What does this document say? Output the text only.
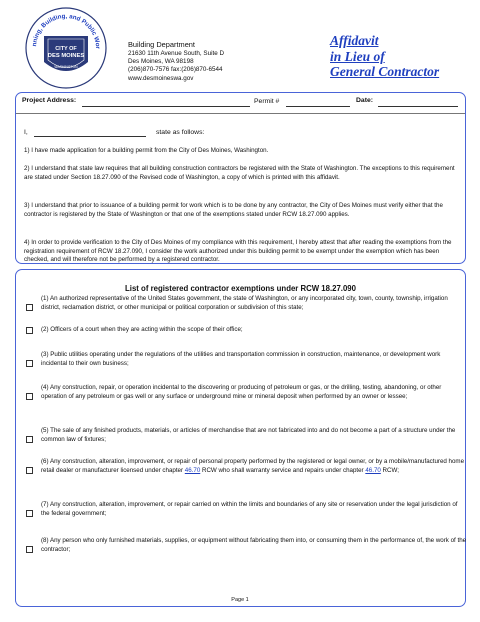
nning, Building, and Public Wor
CITY OF
DES MOINES
WASHINGTON
Building Department
21630 11th Avenue South, Suite D
Des Moines, WA 98198
(206)870-7576 fax:(206)870-6544
www.desmoineswa.gov
Affidavit
in Lieu of
General Contractor
Project Address:	Permit #	Date:
I,	state as follows:

1) I have made application for a building permit from the City of Des Moines, Washington.

2) I understand that state law requires that all building construction contractors be registered with the State of Washington. The exceptions to this requirement are stated under Section 18.27.090 of the Revised code of Washington, a copy of which is printed with this affidavit.

3) I understand that prior to issuance of a building permit for work which is to be done by any contractor, the City of Des Moines must verify either that the contractor is registered by the State of Washington or that one of the exemptions stated under RCW 18.27.090 applies.

4) In order to provide verification to the City of Des Moines of my compliance with this requirement, I hereby attest that after reading the exemptions from the registration requirement of RCW 18.27.090, I consider the work authorized under this building permit to be exempt under the exemption which has been checked, and will therefore not be performed by a registered contractor.

List of registered contractor exemptions under RCW 18.27.090
(1) An authorized representative of the United States government, the state of Washington, or any incorporated city, town, county, township, irrigation district, reclamation district, or other municipal or political corporation or subdivision of this state;
(2) Officers of a court when they are acting within the scope of their office;
(3) Public utilities operating under the regulations of the utilities and transportation commission in construction, maintenance, or development work incidental to their own business;
(4) Any construction, repair, or operation incidental to the discovering or producing of petroleum or gas, or the drilling, testing, abandoning, or other operation of any petroleum or gas well or any surface or underground mine or mineral deposit when performed by an owner or lessee;
(5) The sale of any finished products, materials, or articles of merchandise that are not fabricated into and do not become a part of a structure under the common law of fixtures;
(6) Any construction, alteration, improvement, or repair of personal property performed by the registered or legal owner, or by a mobile/manufactured home retail dealer or manufacturer licensed under chapter 46.70 RCW who shall warranty service and repairs under chapter 46.70 RCW;
(7) Any construction, alteration, improvement, or repair carried on within the limits and boundaries of any site or reservation under the legal jurisdiction of the federal government;
(8) Any person who only furnished materials, supplies, or equipment without fabricating them into, or consuming them in the performance of, the work of the contractor;
Page 1
